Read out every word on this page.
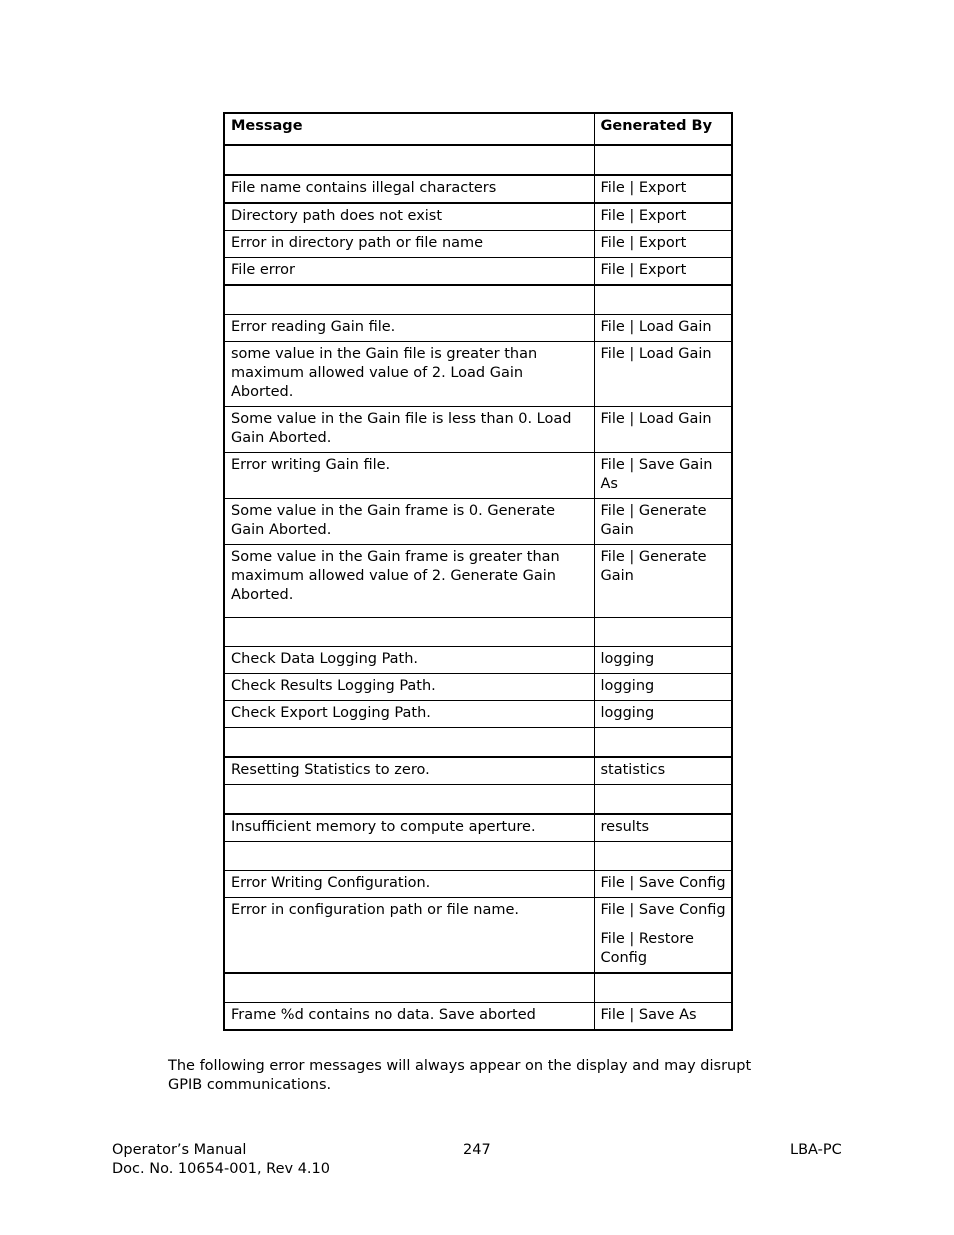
Message	Generated By

File name contains illegal characters	File | Export
Directory path does not exist	File | Export
Error in directory path or file name	File | Export
File error	File | Export

Error reading Gain file.	File | Load Gain
some value in the Gain file is greater than maximum allowed value of 2. Load Gain Aborted.	File | Load Gain
Some value in the Gain file is less than 0. Load Gain Aborted.	File | Load Gain
Error writing Gain file.	File | Save Gain As
Some value in the Gain frame is 0. Generate Gain Aborted.	File | Generate Gain
Some value in the Gain frame is greater than maximum allowed value of 2. Generate Gain Aborted.	File | Generate Gain

Check Data Logging Path.	logging
Check Results Logging Path.	logging
Check Export Logging Path.	logging

Resetting Statistics to zero.	statistics

Insufficient memory to compute aperture.	results

Error Writing Configuration.	File | Save Config
Error in configuration path or file name.	File | Save Config
File | Restore Config

Frame %d contains no data. Save aborted	File | Save As

The following error messages will always appear on the display and may disrupt GPIB communications.

Operator’s Manual
Doc. No. 10654-001, Rev 4.10
247	LBA-PC
